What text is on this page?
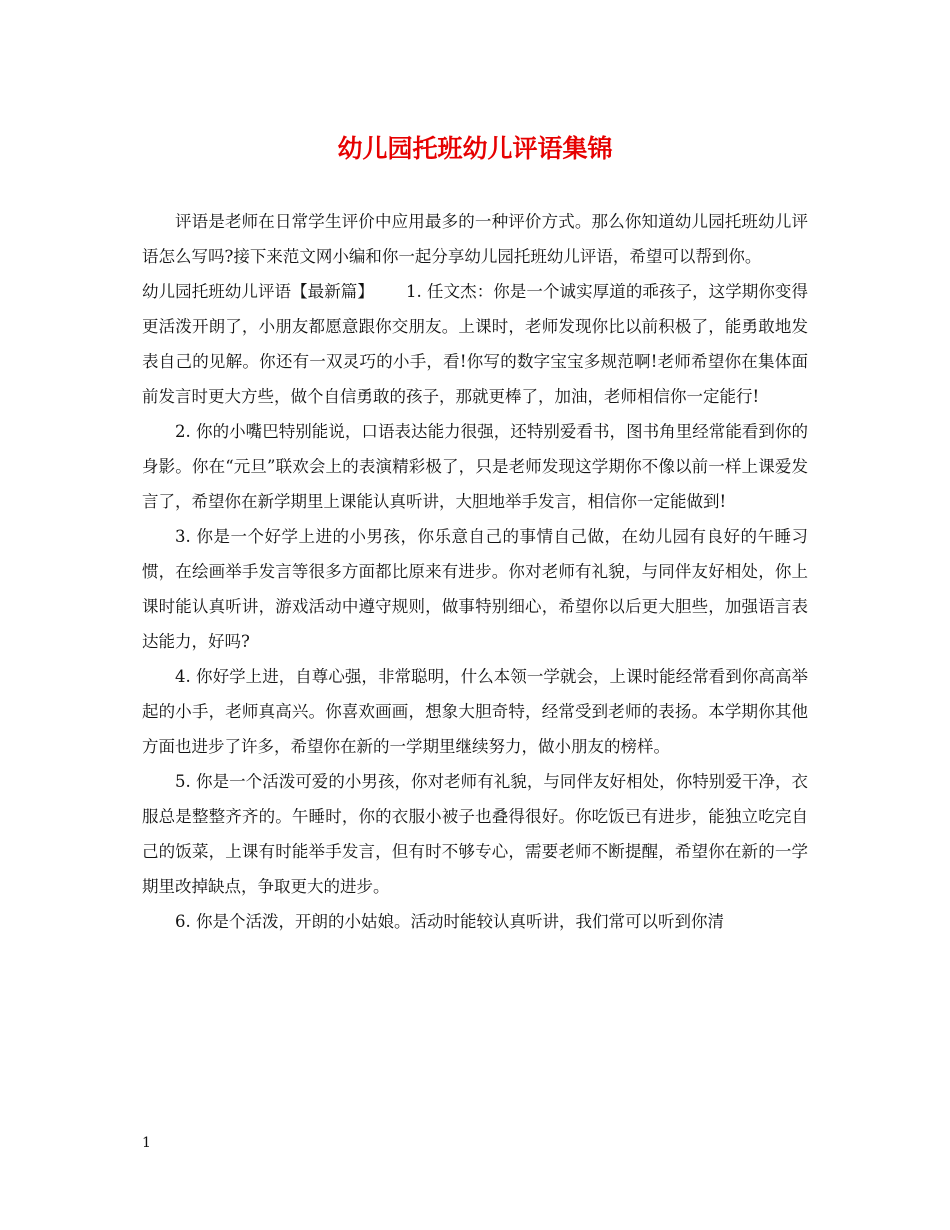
幼儿园托班幼儿评语集锦

评语是老师在日常学生评价中应用最多的一种评价方式。那么你知道幼儿园托班幼儿评语怎么写吗?接下来范文网小编和你一起分享幼儿园托班幼儿评语，希望可以帮到你。

幼儿园托班幼儿评语【最新篇】 1. 任文杰：你是一个诚实厚道的乖孩子，这学期你变得更活泼开朗了，小朋友都愿意跟你交朋友。上课时，老师发现你比以前积极了，能勇敢地发表自己的见解。你还有一双灵巧的小手，看!你写的数字宝宝多规范啊!老师希望你在集体面前发言时更大方些，做个自信勇敢的孩子，那就更棒了，加油，老师相信你一定能行!

2. 你的小嘴巴特别能说，口语表达能力很强，还特别爱看书，图书角里经常能看到你的身影。你在“元旦”联欢会上的表演精彩极了，只是老师发现这学期你不像以前一样上课爱发言了，希望你在新学期里上课能认真听讲，大胆地举手发言，相信你一定能做到!

3. 你是一个好学上进的小男孩，你乐意自己的事情自己做，在幼儿园有良好的午睡习惯，在绘画举手发言等很多方面都比原来有进步。你对老师有礼貌，与同伴友好相处，你上课时能认真听讲，游戏活动中遵守规则，做事特别细心，希望你以后更大胆些，加强语言表达能力，好吗?

4. 你好学上进，自尊心强，非常聪明，什么本领一学就会，上课时能经常看到你高高举起的小手，老师真高兴。你喜欢画画，想象大胆奇特，经常受到老师的表扬。本学期你其他方面也进步了许多，希望你在新的一学期里继续努力，做小朋友的榜样。

5. 你是一个活泼可爱的小男孩，你对老师有礼貌，与同伴友好相处，你特别爱干净，衣服总是整整齐齐的。午睡时，你的衣服小被子也叠得很好。你吃饭已有进步，能独立吃完自己的饭菜，上课有时能举手发言，但有时不够专心，需要老师不断提醒，希望你在新的一学期里改掉缺点，争取更大的进步。

6. 你是个活泼，开朗的小姑娘。活动时能较认真听讲，我们常可以听到你清

1
